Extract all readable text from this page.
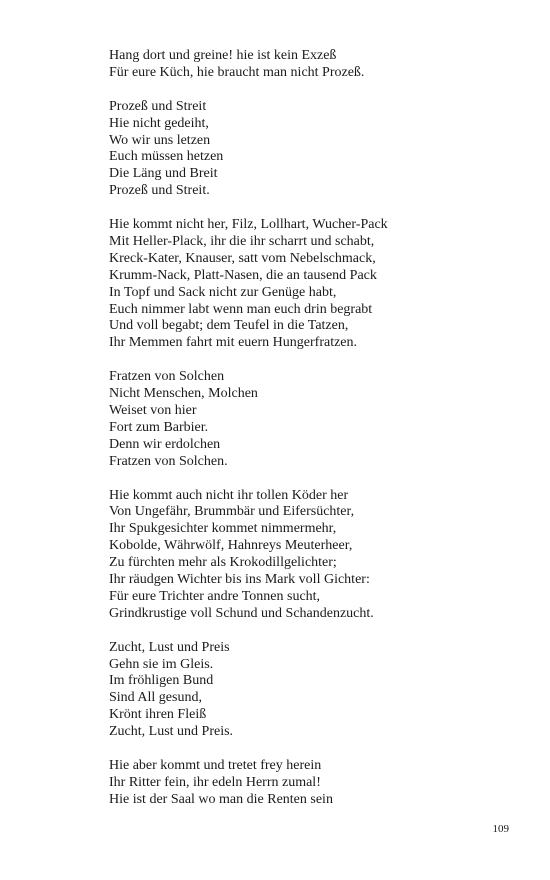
Hang dort und greine! hie ist kein Exzeß
Für eure Küch, hie braucht man nicht Prozeß.
Prozeß und Streit
Hie nicht gedeiht,
Wo wir uns letzen
Euch müssen hetzen
Die Läng und Breit
Prozeß und Streit.
Hie kommt nicht her, Filz, Lollhart, Wucher-Pack
Mit Heller-Plack, ihr die ihr scharrt und schabt,
Kreck-Kater, Knauser, satt vom Nebelschmack,
Krumm-Nack, Platt-Nasen, die an tausend Pack
In Topf und Sack nicht zur Genüge habt,
Euch nimmer labt wenn man euch drin begrabt
Und voll begabt; dem Teufel in die Tatzen,
Ihr Memmen fahrt mit euern Hungerfratzen.
Fratzen von Solchen
Nicht Menschen, Molchen
Weiset von hier
Fort zum Barbier.
Denn wir erdolchen
Fratzen von Solchen.
Hie kommt auch nicht ihr tollen Köder her
Von Ungefähr, Brummbär und Eifersüchter,
Ihr Spukgesichter kommet nimmermehr,
Kobolde, Währwölf, Hahnreys Meuterheer,
Zu fürchten mehr als Krokodillgelichter;
Ihr räudgen Wichter bis ins Mark voll Gichter:
Für eure Trichter andre Tonnen sucht,
Grindkrustige voll Schund und Schandenzucht.
Zucht, Lust und Preis
Gehn sie im Gleis.
Im fröhligen Bund
Sind All gesund,
Krönt ihren Fleiß
Zucht, Lust und Preis.
Hie aber kommt und tretet frey herein
Ihr Ritter fein, ihr edeln Herrn zumal!
Hie ist der Saal wo man die Renten sein
109
